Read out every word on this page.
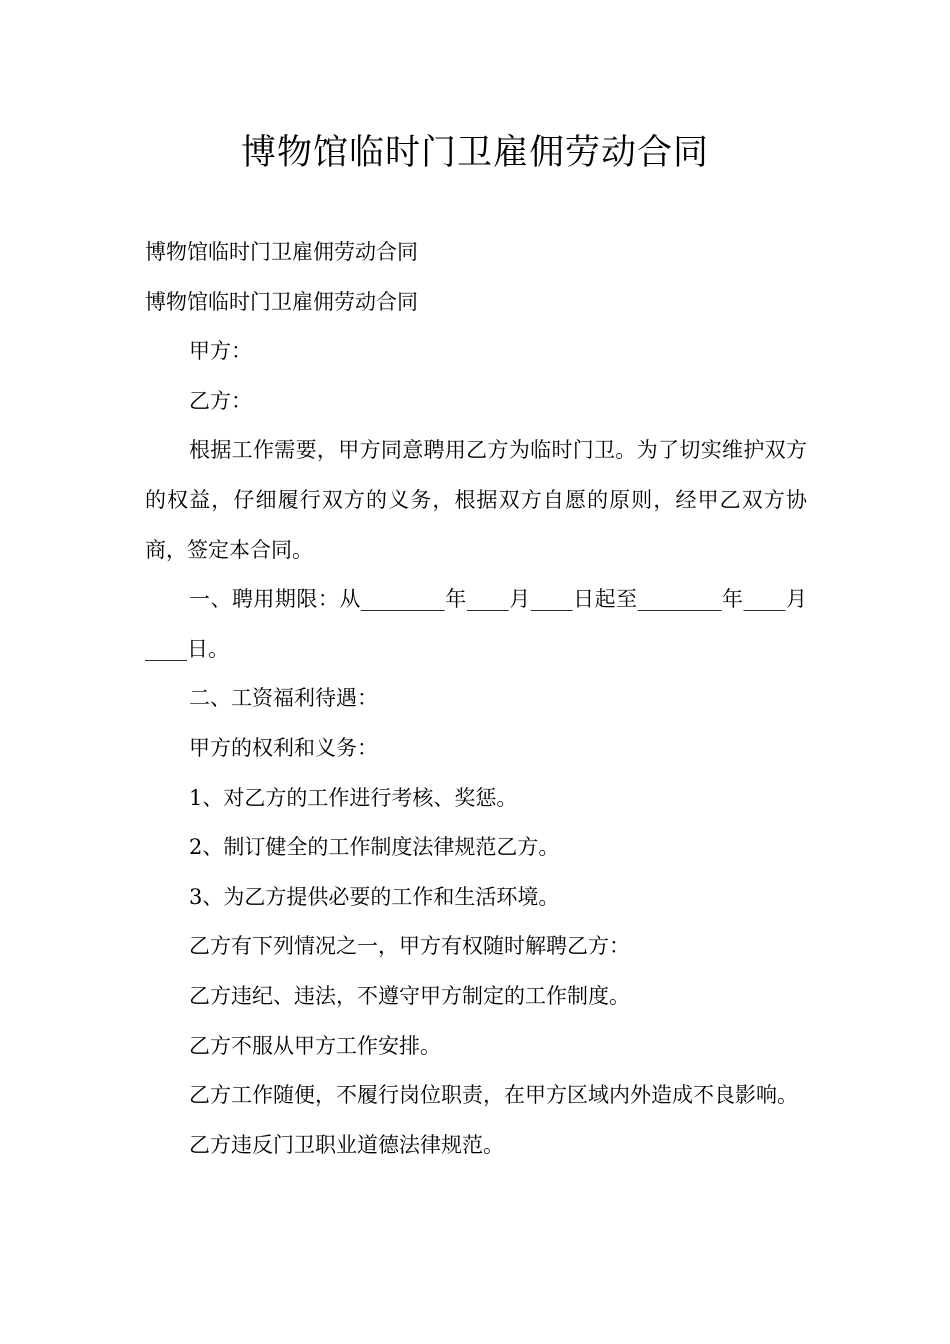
博物馆临时门卫雇佣劳动合同

博物馆临时门卫雇佣劳动合同

博物馆临时门卫雇佣劳动合同

甲方：

乙方：

根据工作需要，甲方同意聘用乙方为临时门卫。为了切实维护双方的权益，仔细履行双方的义务，根据双方自愿的原则，经甲乙双方协商，签定本合同。

一、聘用期限：从________年____月____日起至________年____月____日。

二、工资福利待遇：

甲方的权利和义务：

1、对乙方的工作进行考核、奖惩。

2、制订健全的工作制度法律规范乙方。

3、为乙方提供必要的工作和生活环境。

乙方有下列情况之一，甲方有权随时解聘乙方：

乙方违纪、违法，不遵守甲方制定的工作制度。

乙方不服从甲方工作安排。

乙方工作随便，不履行岗位职责，在甲方区域内外造成不良影响。

乙方违反门卫职业道德法律规范。
